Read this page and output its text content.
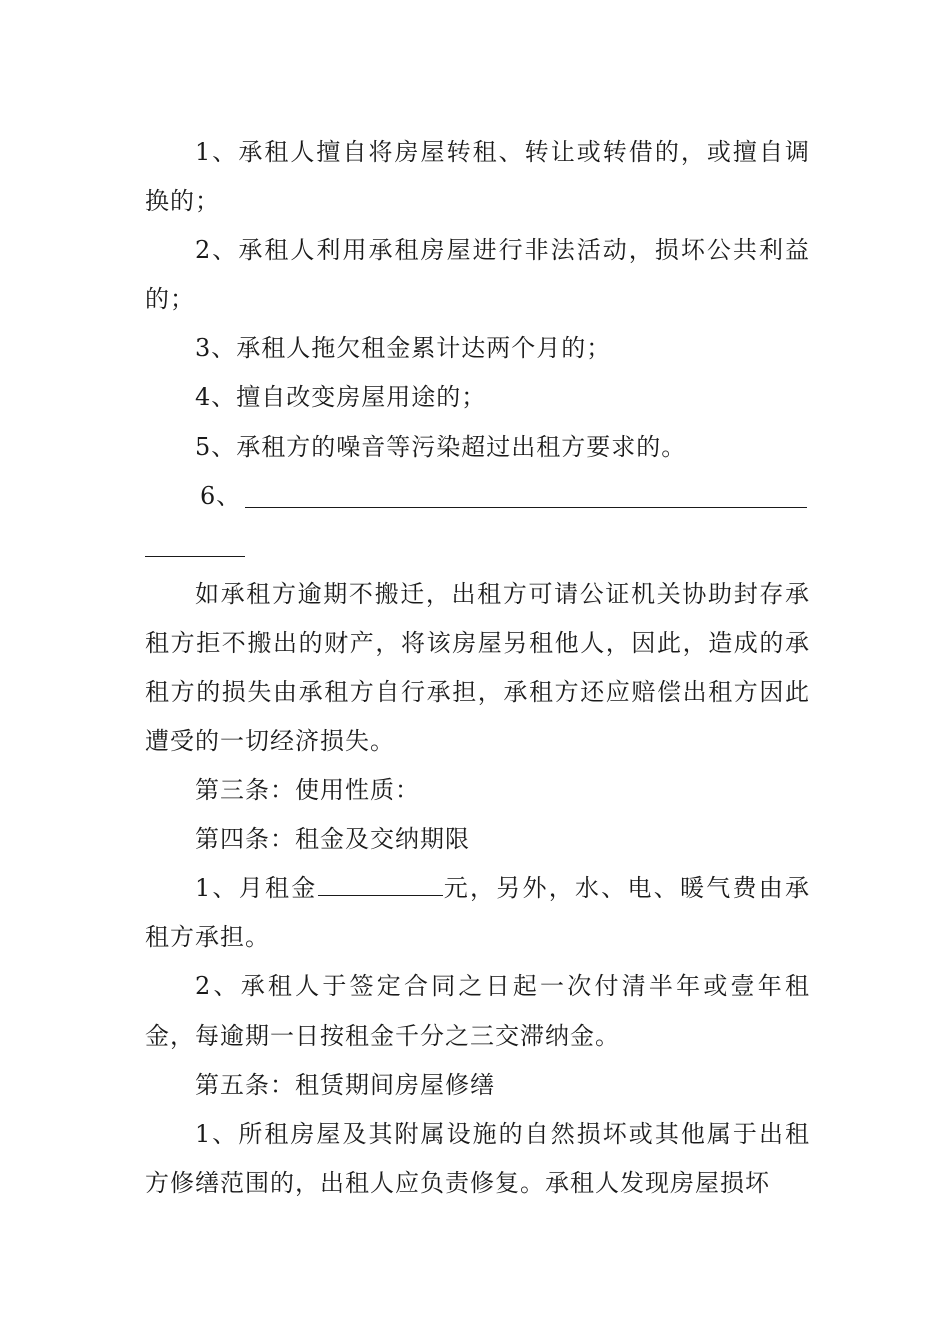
1、承租人擅自将房屋转租、转让或转借的，或擅自调换的；

2、承租人利用承租房屋进行非法活动，损坏公共利益的；

3、承租人拖欠租金累计达两个月的；

4、擅自改变房屋用途的；

5、承租方的噪音等污染超过出租方要求的。

6、

如承租方逾期不搬迁，出租方可请公证机关协助封存承租方拒不搬出的财产，将该房屋另租他人，因此，造成的承租方的损失由承租方自行承担，承租方还应赔偿出租方因此遭受的一切经济损失。

第三条：使用性质：

第四条：租金及交纳期限

1、月租金	元，另外，水、电、暖气费由承租方承担。

2、承租人于签定合同之日起一次付清半年或壹年租金，每逾期一日按租金千分之三交滞纳金。

第五条：租赁期间房屋修缮

1、所租房屋及其附属设施的自然损坏或其他属于出租方修缮范围的，出租人应负责修复。承租人发现房屋损坏
